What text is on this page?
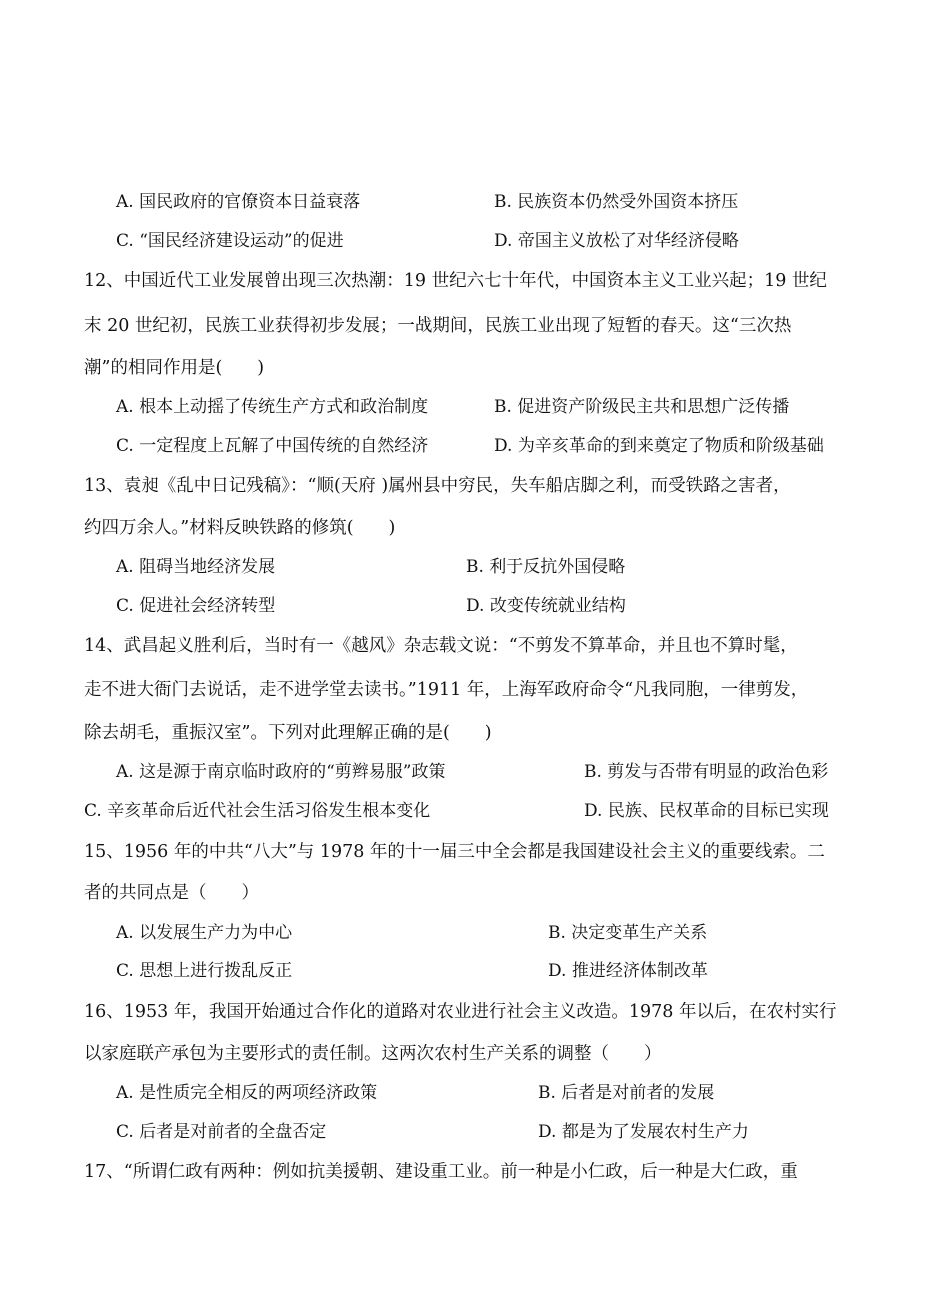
A. 国民政府的官僚资本日益衰落	B. 民族资本仍然受外国资本挤压
C. “国民经济建设运动”的促进	D. 帝国主义放松了对华经济侵略
12、中国近代工业发展曾出现三次热潮：19 世纪六七十年代，中国资本主义工业兴起；19 世纪
末 20 世纪初，民族工业获得初步发展；一战期间，民族工业出现了短暂的春天。这“三次热
潮”的相同作用是(　　)
A. 根本上动摇了传统生产方式和政治制度	B. 促进资产阶级民主共和思想广泛传播
C. 一定程度上瓦解了中国传统的自然经济	D. 为辛亥革命的到来奠定了物质和阶级基础
13、袁昶《乱中日记残稿》：“顺(天府 )属州县中穷民，失车船店脚之利，而受铁路之害者，
约四万余人。”材料反映铁路的修筑(　　)
A. 阻碍当地经济发展	B. 利于反抗外国侵略
C. 促进社会经济转型	D. 改变传统就业结构
14、武昌起义胜利后，当时有一《越风》杂志载文说：“不剪发不算革命，并且也不算时髦，
走不进大衙门去说话，走不进学堂去读书。”1911 年，上海军政府命令“凡我同胞，一律剪发，
除去胡毛，重振汉室”。下列对此理解正确的是(　　)
A. 这是源于南京临时政府的“剪辫易服”政策	B. 剪发与否带有明显的政治色彩
C. 辛亥革命后近代社会生活习俗发生根本变化	D. 民族、民权革命的目标已实现
15、1956 年的中共“八大”与 1978 年的十一届三中全会都是我国建设社会主义的重要线索。二
者的共同点是（　　）
A. 以发展生产力为中心	B. 决定变革生产关系
C. 思想上进行拨乱反正	D. 推进经济体制改革
16、1953 年，我国开始通过合作化的道路对农业进行社会主义改造。1978 年以后，在农村实行
以家庭联产承包为主要形式的责任制。这两次农村生产关系的调整（　　）
A. 是性质完全相反的两项经济政策	B. 后者是对前者的发展
C. 后者是对前者的全盘否定	D. 都是为了发展农村生产力
17、“所谓仁政有两种：例如抗美援朝、建设重工业。前一种是小仁政，后一种是大仁政，重
